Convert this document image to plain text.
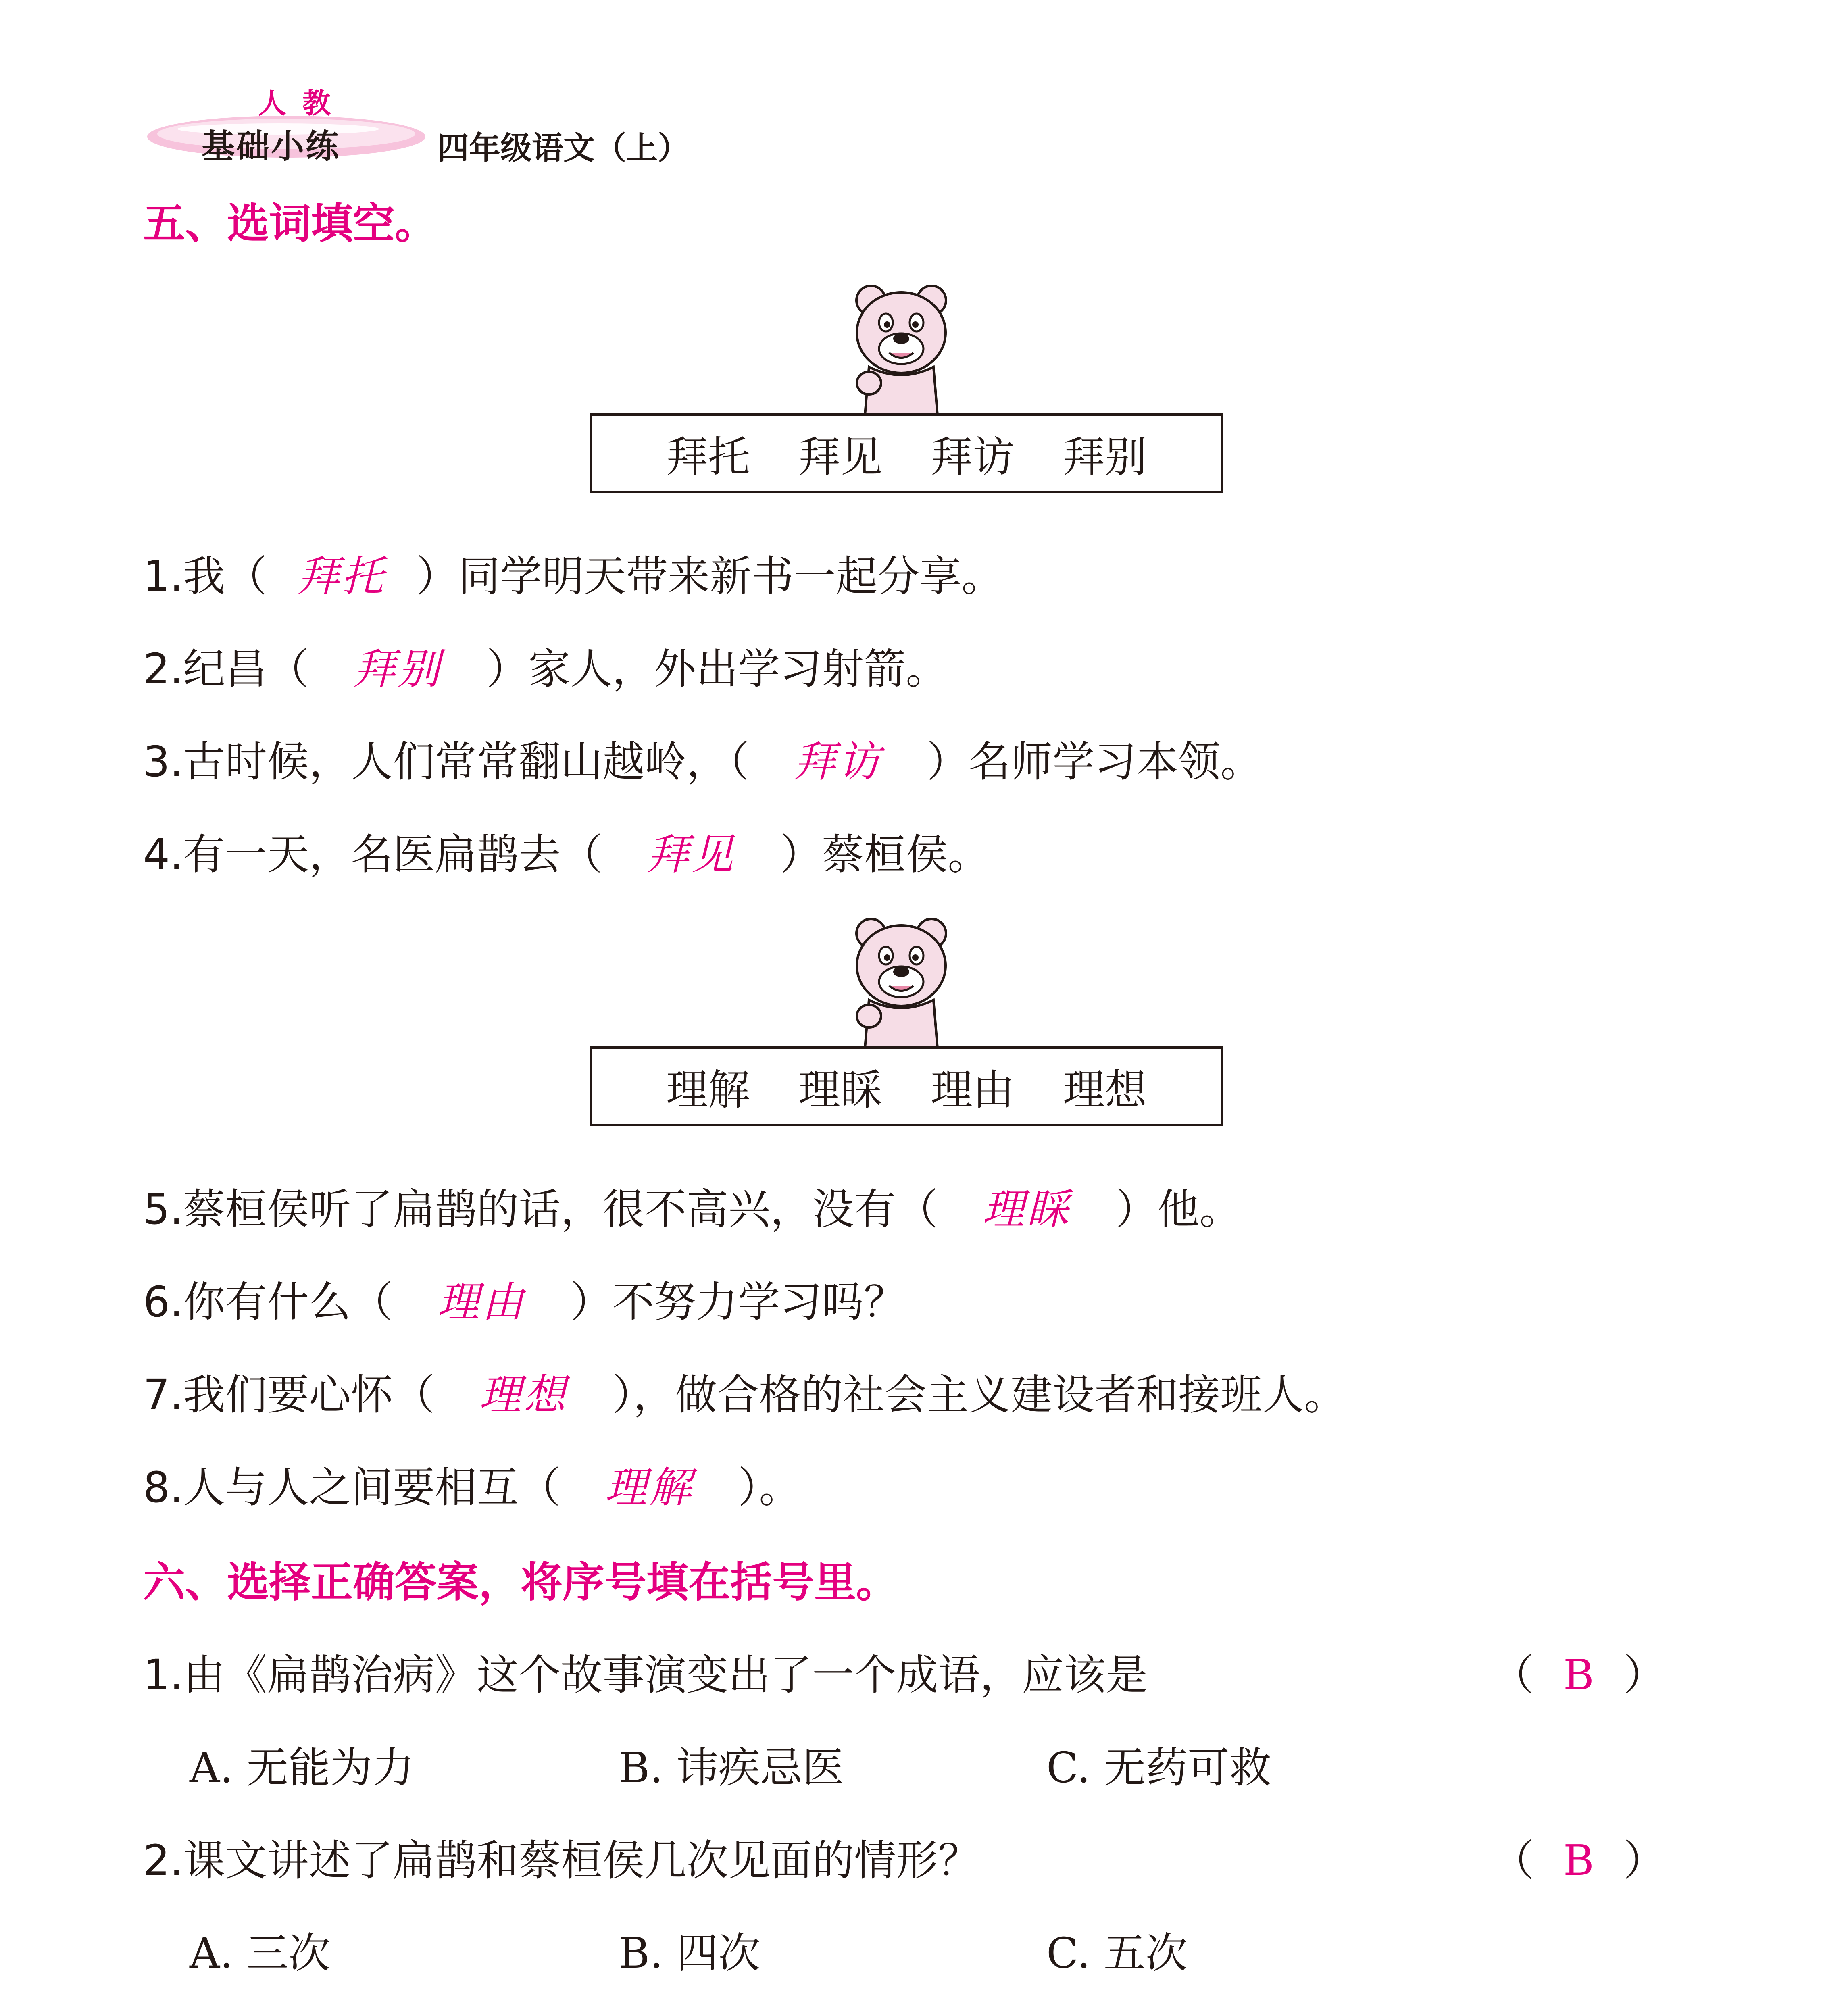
人教
基础小练	四年级语文（上）
五、选词填空。
拜托 拜见 拜访 拜别
1. 我（ 拜托 ）同学明天带来新书一起分享。
2. 纪昌（	拜别	）家人，外出学习射箭。
3. 古时候，人们常常翻山越岭，（	拜访	）名师学习本领。
4. 有一天，名医扁鹊去（	拜见	）蔡桓侯。
理解 理睬 理由 理想
5. 蔡桓侯听了扁鹊的话，很不高兴，没有（	理睬	）他。
6. 你有什么（	理由	）不努力学习吗？
7. 我们要心怀（	理想	），做合格的社会主义建设者和接班人。
8. 人与人之间要相互（	理解	）。
六、选择正确答案，将序号填在括号里。
1.由《扁鹊治病》这个故事演变出了一个成语，应该是	（ B ）
A. 无能为力	B. 讳疾忌医	C. 无药可救
2.课文讲述了扁鹊和蔡桓侯几次见面的情形？	（ B ）
A. 三次	B. 四次	C. 五次
